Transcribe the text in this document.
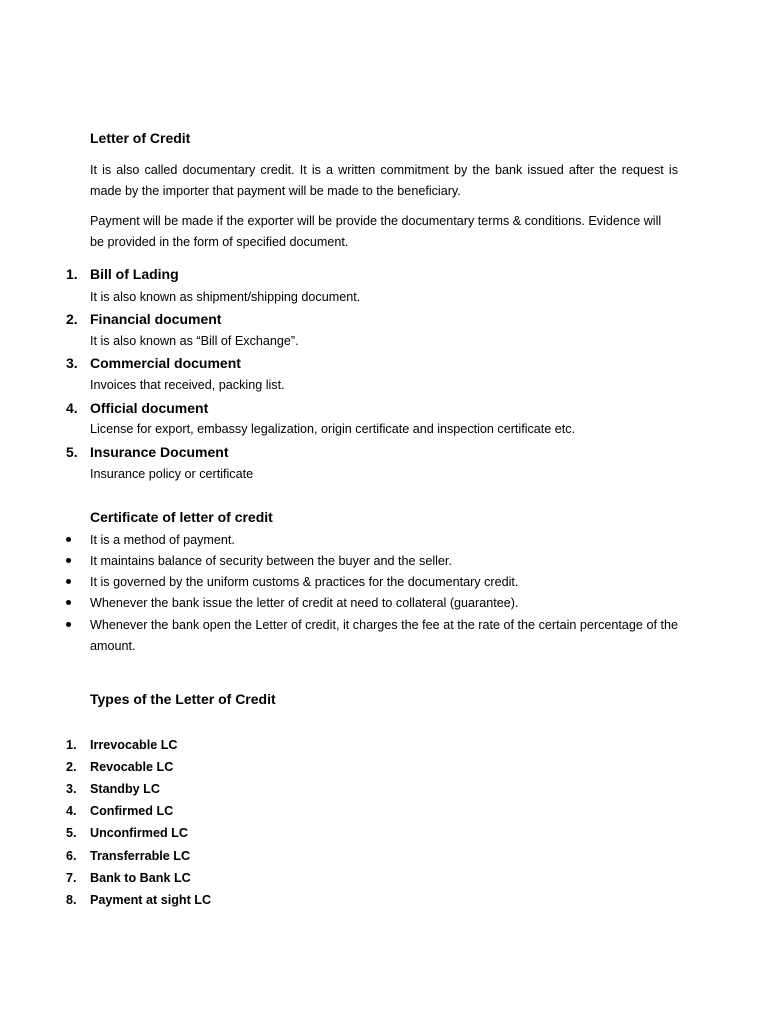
Letter of Credit
It is also called documentary credit. It is a written commitment by the bank issued after the request is made by the importer that payment will be made to the beneficiary.
Payment will be made if the exporter will be provide the documentary terms & conditions. Evidence will be provided in the form of specified document.
1. Bill of Lading
It is also known as shipment/shipping document.
2. Financial document
It is also known as “Bill of Exchange”.
3. Commercial document
Invoices that received, packing list.
4. Official document
License for export, embassy legalization, origin certificate and inspection certificate etc.
5. Insurance Document
Insurance policy or certificate
Certificate of letter of credit
It is a method of payment.
It maintains balance of security between the buyer and the seller.
It is governed by the uniform customs & practices for the documentary credit.
Whenever the bank issue the letter of credit at need to collateral (guarantee).
Whenever the bank open the Letter of credit, it charges the fee at the rate of the certain percentage of the amount.
Types of the Letter of Credit
1. Irrevocable LC
2. Revocable LC
3. Standby LC
4. Confirmed LC
5. Unconfirmed LC
6. Transferrable LC
7. Bank to Bank LC
8. Payment at sight LC
